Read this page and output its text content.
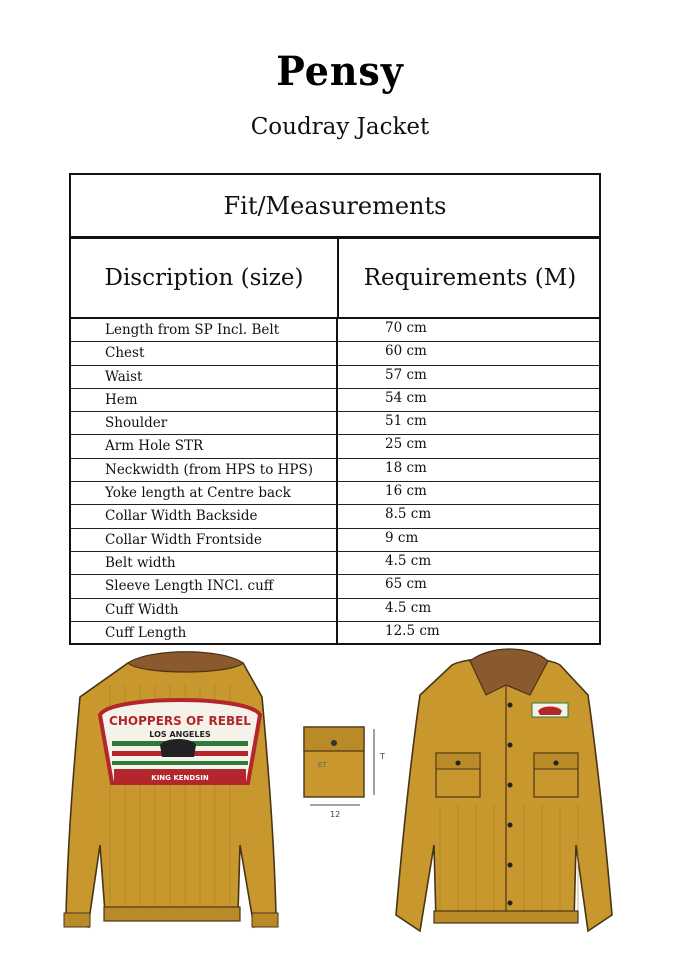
Pensy
Coudray Jacket
Fit/Measurements
Discription (size)	Requirements (M)
Length from SP Incl. Belt	70 cm
Chest	60 cm
Waist	57 cm
Hem	54 cm
Shoulder	51 cm
Arm Hole STR	25 cm
Neckwidth (from HPS to HPS)	18 cm
Yoke length at Centre back	16 cm
Collar Width Backside	8.5 cm
Collar Width Frontside	9 cm
Belt width	4.5 cm
Sleeve Length INCl. cuff	65 cm
Cuff Width	4.5 cm
Cuff Length	12.5 cm
CHOPPERS OF REBEL
LOS ANGELES
KING KENDSIN
T
12
ET
